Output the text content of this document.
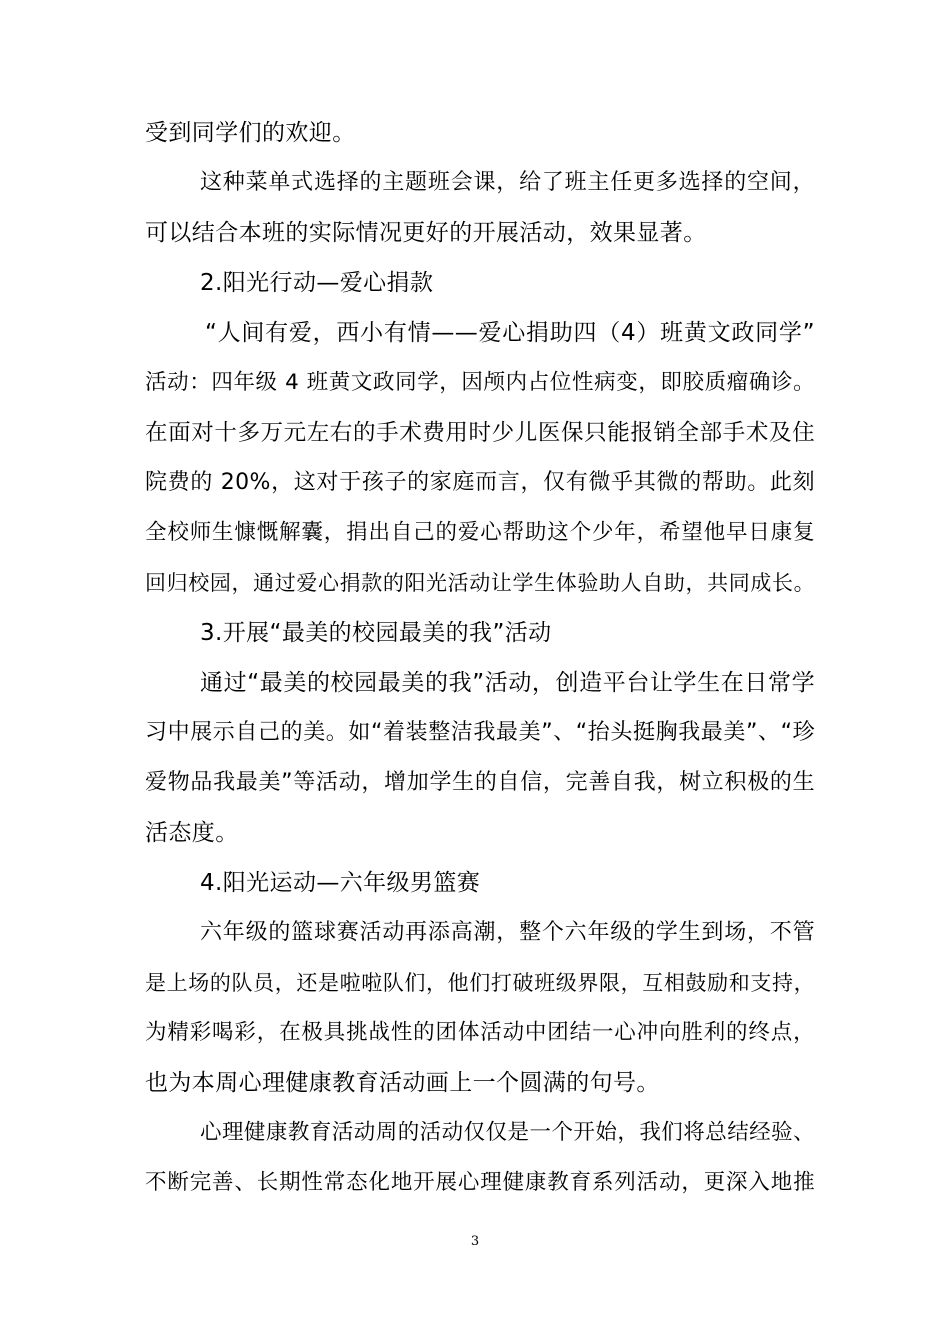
受到同学们的欢迎。
这种菜单式选择的主题班会课，给了班主任更多选择的空间，
可以结合本班的实际情况更好的开展活动，效果显著。
2.阳光行动—爱心捐款
“人间有爱，西小有情——爱心捐助四（4）班黄文政同学”
活动：四年级 4 班黄文政同学，因颅内占位性病变，即胶质瘤确诊。
在面对十多万元左右的手术费用时少儿医保只能报销全部手术及住
院费的 20%，这对于孩子的家庭而言，仅有微乎其微的帮助。此刻
全校师生慷慨解囊，捐出自己的爱心帮助这个少年，希望他早日康复
回归校园，通过爱心捐款的阳光活动让学生体验助人自助，共同成长。
3.开展“最美的校园最美的我”活动
通过“最美的校园最美的我”活动，创造平台让学生在日常学
习中展示自己的美。如“着装整洁我最美”、“抬头挺胸我最美”、“珍
爱物品我最美”等活动，增加学生的自信，完善自我，树立积极的生
活态度。
4.阳光运动—六年级男篮赛
六年级的篮球赛活动再添高潮，整个六年级的学生到场，不管
是上场的队员，还是啦啦队们，他们打破班级界限，互相鼓励和支持，
为精彩喝彩，在极具挑战性的团体活动中团结一心冲向胜利的终点，
也为本周心理健康教育活动画上一个圆满的句号。
心理健康教育活动周的活动仅仅是一个开始，我们将总结经验、
不断完善、长期性常态化地开展心理健康教育系列活动，更深入地推
3
